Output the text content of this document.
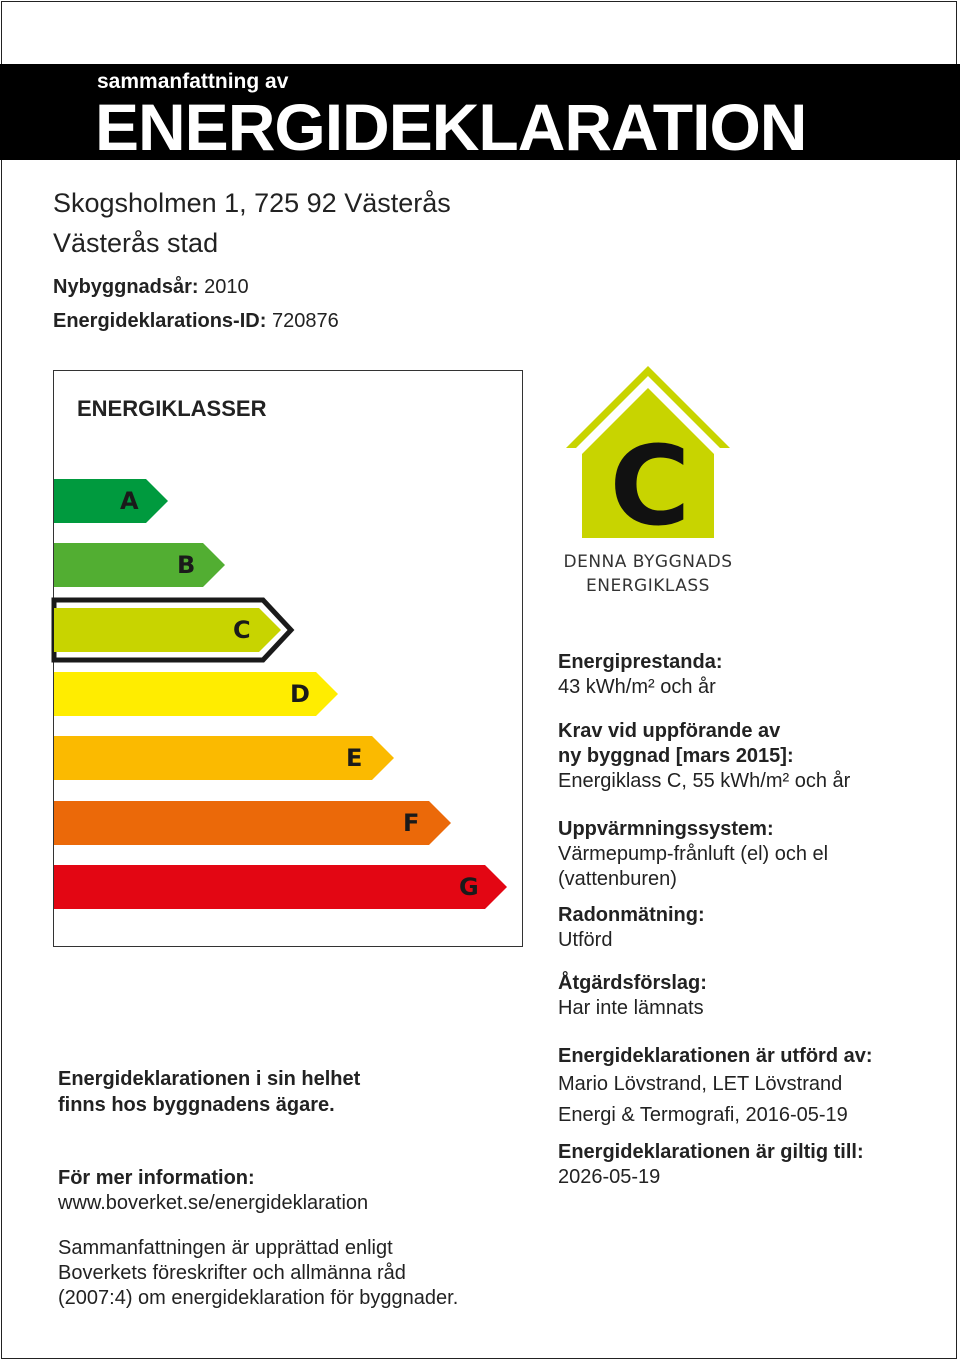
sammanfattning av
ENERGIDEKLARATION
Skogsholmen 1, 725 92 Västerås
Västerås stad
Nybyggnadsår: 2010
Energideklarations-ID: 720876
ENERGIKLASSER
A
B
C
D
E
F
G
C
DENNA BYGGNADS
ENERGIKLASS
Energiprestanda:
43 kWh/m² och år
Krav vid uppförande av
ny byggnad [mars 2015]:
Energiklass C, 55 kWh/m² och år
Uppvärmningssystem:
Värmepump-frånluft (el) och el
(vattenburen)
Radonmätning:
Utförd
Åtgärdsförslag:
Har inte lämnats
Energideklarationen är utförd av:
Mario Lövstrand, LET Lövstrand
Energi & Termografi, 2016-05-19
Energideklarationen är giltig till:
2026-05-19
Energideklarationen i sin helhet
finns hos byggnadens ägare.
För mer information:
www.boverket.se/energideklaration
Sammanfattningen är upprättad enligt
Boverkets föreskrifter och allmänna råd
(2007:4) om energideklaration för byggnader.
